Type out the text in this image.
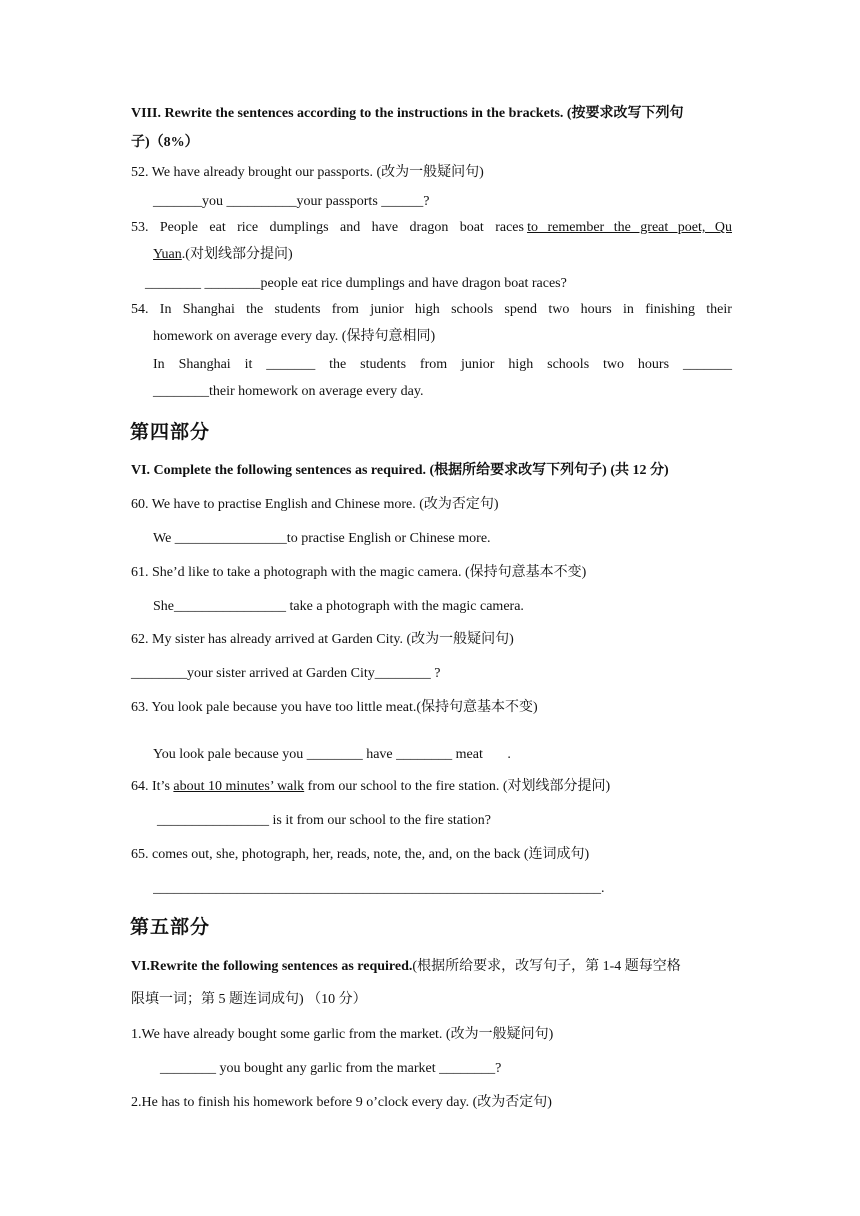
VIII. Rewrite the sentences according to the instructions in the brackets. (按要求改写下列句
子)（8%）
52. We have already brought our passports. (改为一般疑问句)
_______you __________your passports ______?
53. People eat rice dumplings and have dragon boat races to remember the great poet, Qu
Yuan.(对划线部分提问)
________ ________people eat rice dumplings and have dragon boat races?
54. In Shanghai the students from junior high schools spend two hours in finishing their
homework on average every day. (保持句意相同)
In Shanghai it _______ the students from junior high schools two hours _______
________their homework on average every day.
第四部分
VI. Complete the following sentences as required. (根据所给要求改写下列句子) (共 12 分)
60. We have to practise English and Chinese more. (改为否定句)
We ________________to practise English or Chinese more.
61. She’d like to take a photograph with the magic camera. (保持句意基本不变)
She________________ take a photograph with the magic camera.
62. My sister has already arrived at Garden City. (改为一般疑问句)
________your sister arrived at Garden City________ ?
63. You look pale because you have too little meat.(保持句意基本不变)
You look pale because you ________ have ________ meat       .
64. It’s about 10 minutes’ walk from our school to the fire station. (对划线部分提问)
________________ is it from our school to the fire station?
65. comes out, she, photograph, her, reads, note, the, and, on the back (连词成句)
________________________________________________________________.
第五部分
VI.Rewrite the following sentences as required.(根据所给要求，改写句子，第 1-4 题每空格
限填一词；第 5 题连词成句) （10 分）
1.We have already bought some garlic from the market. (改为一般疑问句)
________ you bought any garlic from the market ________?
2.He has to finish his homework before 9 o’clock every day. (改为否定句)
